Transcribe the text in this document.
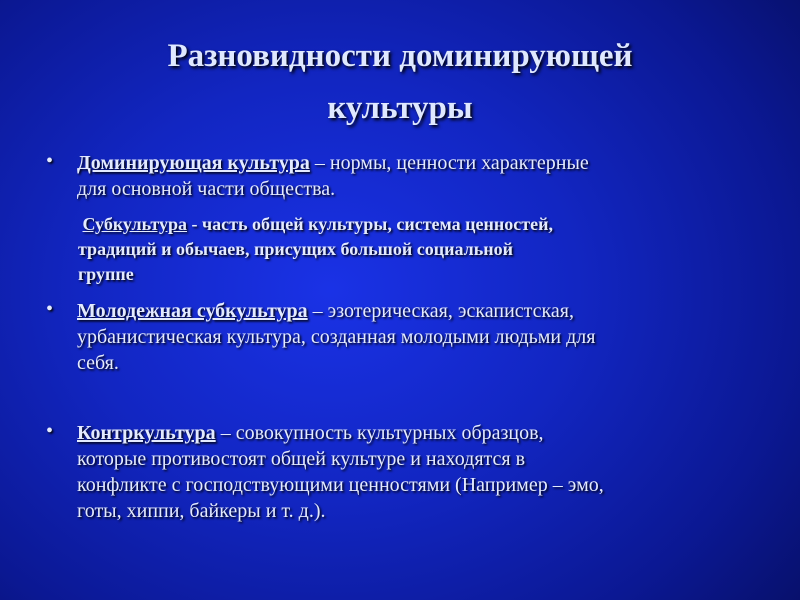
Разновидности доминирующей
культуры
• Доминирующая культура – нормы, ценности характерные
для основной части общества.
Субкультура - часть общей культуры, система ценностей,
традиций и обычаев, присущих большой социальной
группе
• Молодежная субкультура – эзотерическая, эскапистская,
урбанистическая культура, созданная молодыми людьми для
себя.
• Контркультура – совокупность культурных образцов,
которые противостоят общей культуре и находятся в
конфликте с господствующими ценностями (Например – эмо,
готы, хиппи, байкеры и т. д.).
